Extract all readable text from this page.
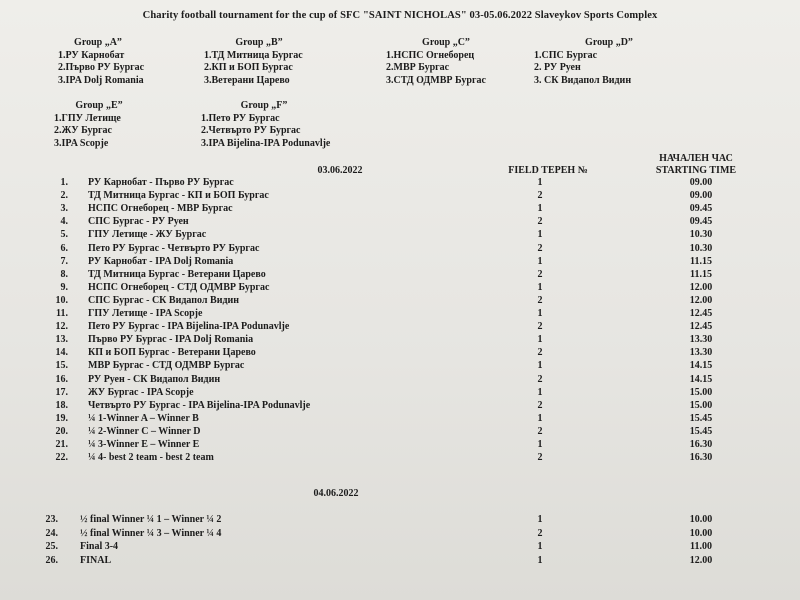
Charity football tournament for the cup of SFC "SAINT NICHOLAS" 03-05.06.2022 Slaveykov Sports Complex
Group „A”
1.РУ Карнобат
2.Първо РУ Бургас
3.IPA Dolj Romania
Group „B”
1.ТД Митница Бургас
2.КП и БОП Бургас
3.Ветерани Царево
Group „C”
1.НСПС Огнеборец
2.МВР Бургас
3.СТД ОДМВР Бургас
Group „D”
1.СПС Бургас
2. РУ Руен
3. СК Видапол Видин
Group „E”
1.ГПУ Летище
2.ЖУ Бургас
3.IPA Scopje
Group „F”
1.Пето РУ Бургас
2.Четвърто РУ Бургас
3.IPA Bijelina-IPA Podunavlje
03.06.2022	FIELD ТЕРЕН №
НАЧАЛЕН ЧАС
STARTING TIME
1. РУ Карнобат - Първо РУ Бургас	1	09.00
2. ТД Митница Бургас - КП и БОП Бургас	2	09.00
3. НСПС Огнеборец - МВР Бургас	1	09.45
4. СПС Бургас - РУ Руен	2	09.45
5. ГПУ Летище - ЖУ Бургас	1	10.30
6. Пето РУ Бургас - Четвърто РУ Бургас	2	10.30
7. РУ Карнобат - IPA Dolj Romania	1	11.15
8. ТД Митница Бургас - Ветерани Царево	2	11.15
9. НСПС Огнеборец - СТД ОДМВР Бургас	1	12.00
10. СПС Бургас - СК Видапол Видин	2	12.00
11. ГПУ Летище - IPA Scopje	1	12.45
12. Пето РУ Бургас - IPA Bijelina-IPA Podunavlje	2	12.45
13. Първо РУ Бургас - IPA Dolj Romania	1	13.30
14. КП и БОП Бургас - Ветерани Царево	2	13.30
15. МВР Бургас - СТД ОДМВР Бургас	1	14.15
16. РУ Руен - СК Видапол Видин	2	14.15
17. ЖУ Бургас - IPA Scopje	1	15.00
18. Четвърто РУ Бургас - IPA Bijelina-IPA Podunavlje	2	15.00
19. ¼ 1-Winner A – Winner B	1	15.45
20. ¼ 2-Winner C – Winner D	2	15.45
21. ¼ 3-Winner E – Winner E	1	16.30
22. ¼ 4- best 2 team - best 2 team	2	16.30
04.06.2022
23. ½ final Winner ¼ 1 – Winner ¼ 2	1	10.00
24. ½ final Winner ¼ 3 – Winner ¼ 4	2	10.00
25. Final 3-4	1	11.00
26. FINAL	1	12.00
